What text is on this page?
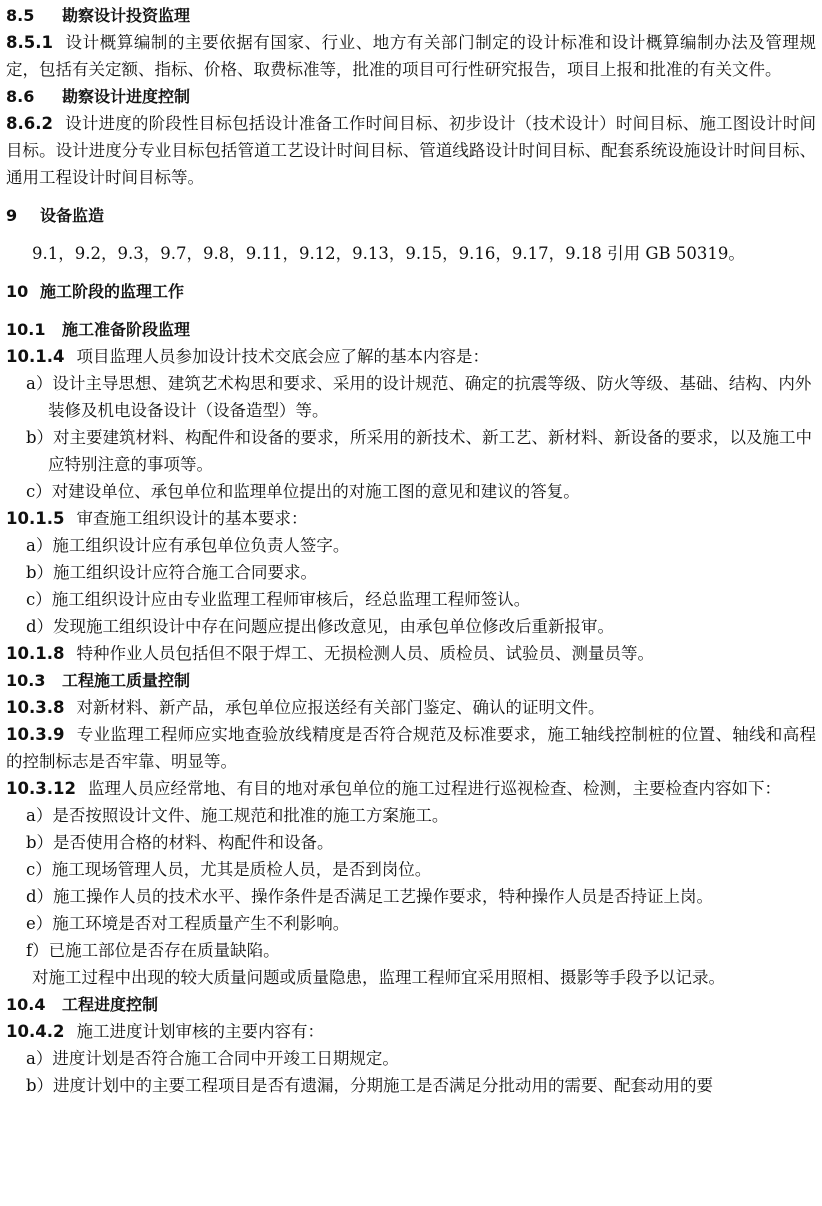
8.5 勘察设计投资监理
8.5.1 设计概算编制的主要依据有国家、行业、地方有关部门制定的设计标准和设计概算编制办法及管理规定，包括有关定额、指标、价格、取费标准等，批准的项目可行性研究报告，项目上报和批准的有关文件。
8.6 勘察设计进度控制
8.6.2 设计进度的阶段性目标包括设计准备工作时间目标、初步设计（技术设计）时间目标、施工图设计时间目标。设计进度分专业目标包括管道工艺设计时间目标、管道线路设计时间目标、配套系统设施设计时间目标、通用工程设计时间目标等。
9 设备监造
9.1，9.2，9.3，9.7，9.8，9.11，9.12，9.13，9.15，9.16，9.17，9.18 引用 GB 50319。
10 施工阶段的监理工作
10.1 施工准备阶段监理
10.1.4 项目监理人员参加设计技术交底会应了解的基本内容是：
a）设计主导思想、建筑艺术构思和要求、采用的设计规范、确定的抗震等级、防火等级、基础、结构、内外装修及机电设备设计（设备造型）等。
b）对主要建筑材料、构配件和设备的要求，所采用的新技术、新工艺、新材料、新设备的要求，以及施工中应特别注意的事项等。
c）对建设单位、承包单位和监理单位提出的对施工图的意见和建议的答复。
10.1.5 审查施工组织设计的基本要求：
a）施工组织设计应有承包单位负责人签字。
b）施工组织设计应符合施工合同要求。
c）施工组织设计应由专业监理工程师审核后，经总监理工程师签认。
d）发现施工组织设计中存在问题应提出修改意见，由承包单位修改后重新报审。
10.1.8 特种作业人员包括但不限于焊工、无损检测人员、质检员、试验员、测量员等。
10.3 工程施工质量控制
10.3.8 对新材料、新产品，承包单位应报送经有关部门鉴定、确认的证明文件。
10.3.9 专业监理工程师应实地查验放线精度是否符合规范及标准要求，施工轴线控制桩的位置、轴线和高程的控制标志是否牢靠、明显等。
10.3.12 监理人员应经常地、有目的地对承包单位的施工过程进行巡视检查、检测，主要检查内容如下：
a）是否按照设计文件、施工规范和批准的施工方案施工。
b）是否使用合格的材料、构配件和设备。
c）施工现场管理人员，尤其是质检人员，是否到岗位。
d）施工操作人员的技术水平、操作条件是否满足工艺操作要求，特种操作人员是否持证上岗。
e）施工环境是否对工程质量产生不利影响。
f）已施工部位是否存在质量缺陷。
对施工过程中出现的较大质量问题或质量隐患，监理工程师宜采用照相、摄影等手段予以记录。
10.4 工程进度控制
10.4.2 施工进度计划审核的主要内容有：
a）进度计划是否符合施工合同中开竣工日期规定。
b）进度计划中的主要工程项目是否有遗漏，分期施工是否满足分批动用的需要、配套动用的要
